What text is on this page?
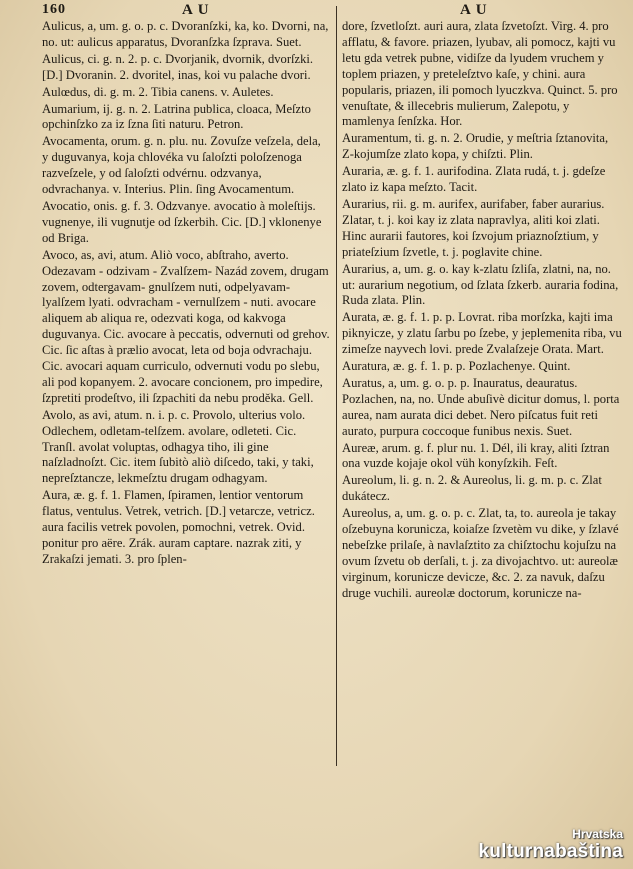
160	A U	A U

Aulicus, a, um. g. o. p. c. Dvoranſzki, ka, ko. Dvorni, na, no. ut: aulicus apparatus, Dvoranſzka ſzprava. Suet.

Aulicus, ci. g. n. 2. p. c. Dvorjanik, dvornik, dvorſzki. [D.] Dvoranin. 2. dvoritel, inas, koi vu palache dvori.

Aulœdus, di. g. m. 2. Tibia canens. v. Auletes.

Aumarium, ij. g. n. 2. Latrina publica, cloaca, Meſzto opchinſzko za iz ſzna ſiti naturu. Petron.

Avocamenta, orum. g. n. plu. nu. Zovuſze veſzela, dela, y duguvanya, koja chlovéka vu ſaloſzti poloſzenoga razveſzele, y od ſaloſzti odvérnu. odzvanya, odvrachanya. v. Interius. Plin. ſing Avocamentum.

Avocatio, onis. g. f. 3. Odzvanye. avocatio à moleſtijs. vugnenye, ili vugnutje od ſzkerbih. Cic. [D.] vklonenye od Briga.

Avoco, as, avi, atum. Aliò voco, abſtraho, averto. Odezavam - odzivam - Zvalſzem- Nazád zovem, drugam zovem, odtergavam- gnulſzem nuti, odpelyavam-lyalſzem lyati. odvracham - vernulſzem - nuti. avocare aliquem ab aliqua re, odezvati koga, od kakvoga duguvanya. Cic. avocare à peccatis, odvernuti od grehov. Cic. ſic aſtas à prælio avocat, leta od boja odvrachaju. Cic. avocari aquam curriculo, odvernuti vodu po slebu, ali pod kopanyem. 2. avocare concionem, pro impedire, ſzpretiti prodeſtvo, ili ſzpachiti da nebu proděka. Gell.

Avolo, as avi, atum. n. i. p. c. Provolo, ulterius volo. Odlechem, odletam-telſzem. avolare, odleteti. Cic. Tranſl. avolat voluptas, odhagya tiho, ili gine naſzladnoſzt. Cic. item ſubitò aliò diſcedo, taki, y taki, nepreſztancze, lekmeſztu drugam odhagyam.

Aura, æ. g. f. 1. Flamen, ſpiramen, lentior ventorum flatus, ventulus. Vetrek, vetrich. [D.] vetarcze, vetricz. aura facilis vetrek povolen, pomochni, vetrek. Ovid. ponitur pro aëre. Zrák. auram captare. nazrak ziti, y Zrakaſzi jemati. 3. pro ſplen-

dore, ſzvetloſzt. auri aura, zlata ſzvetoſzt. Virg. 4. pro afflatu, & favore. priazen, lyubav, ali pomocz, kajti vu letu gda vetrek pubne, vidiſze da lyudem vruchem y toplem priazen, y preteleſztvo kaſe, y chini. aura popularis, priazen, ili pomoch lyuczkva. Quinct. 5. pro venuſtate, & illecebris mulierum, Zalepotu, y mamlenya ſenſzka. Hor.

Auramentum, ti. g. n. 2. Orudie, y meſtria ſztanovita, Z-kojumſze zlato kopa, y chiſzti. Plin.

Auraria, æ. g. f. 1. aurifodina. Zlata rudá, t. j. gdeſze zlato iz kapa meſzto. Tacit.

Aurarius, rii. g. m. aurifex, aurifaber, faber aurarius. Zlatar, t. j. koi kay iz zlata napravlya, aliti koi zlati. Hinc aurarii fautores, koi ſzvojum priaznoſztium, y priateſzium ſzvetle, t. j. poglavite chine.

Aurarius, a, um. g. o. kay k-zlatu ſzliſa, zlatni, na, no. ut: aurarium negotium, od ſzlata ſzkerb. auraria fodina, Ruda zlata. Plin.

Aurata, æ. g. f. 1. p. p. Lovrat. riba morſzka, kajti ima piknyicze, y zlatu ſarbu po ſzebe, y jeplemenita riba, vu zimeſze nayvech lovi. prede Zvalaſzeje Orata. Mart.

Auratura, æ. g. f. 1. p. p. Pozlachenye. Quint.

Auratus, a, um. g. o. p. p. Inauratus, deauratus. Pozlachen, na, no. Unde abuſivè dicitur domus, l. porta aurea, nam aurata dici debet. Nero piſcatus fuit reti aurato, purpura coccoque funibus nexis. Suet.

Aureæ, arum. g. f. plur nu. 1. Dél, ili kray, aliti ſztran ona vuzde kojaje okol vüh konyſzkih. Feſt.

Aureolum, li. g. n. 2. & Aureolus, li. g. m. p. c. Zlat dukátecz.

Aureolus, a, um. g. o. p. c. Zlat, ta, to. aureola je takay oſzebuyna korunicza, koiaſze ſzvetèm vu dike, y ſzlavé nebeſzke prilaſe, à navlaſztito za chiſztochu kojuſzu na ovum ſzvetu ob derſali, t. j. za divojachtvo. ut: aureolæ virginum, korunicze devicze, &c. 2. za navuk, daſzu druge vuchili. aureolæ doctorum, korunicze na-

Hrvatska
kulturnabaština
